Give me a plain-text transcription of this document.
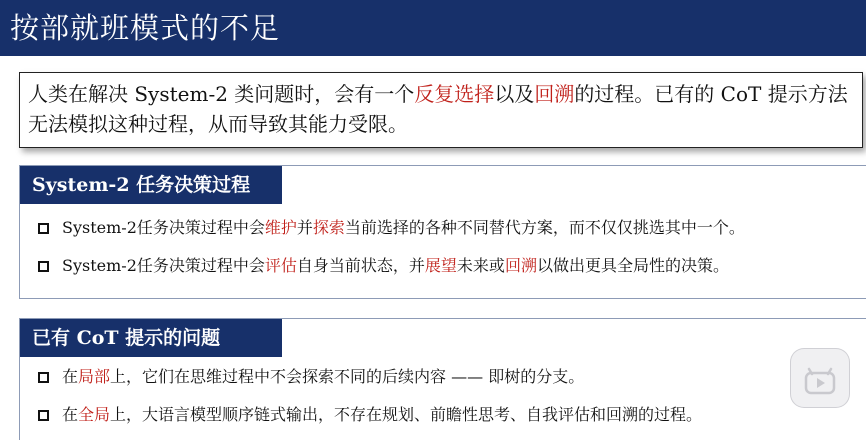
按部就班模式的不足
人类在解决 System-2 类问题时，会有一个反复选择以及回溯的过程。已有的 CoT 提示方法无法模拟这种过程，从而导致其能力受限。
System-2 任务决策过程
System-2任务决策过程中会维护并探索当前选择的各种不同替代方案，而不仅仅挑选其中一个。
System-2任务决策过程中会评估自身当前状态，并展望未来或回溯以做出更具全局性的决策。
已有 CoT 提示的问题
在局部上，它们在思维过程中不会探索不同的后续内容 —— 即树的分支。
在全局上，大语言模型顺序链式输出，不存在规划、前瞻性思考、自我评估和回溯的过程。
